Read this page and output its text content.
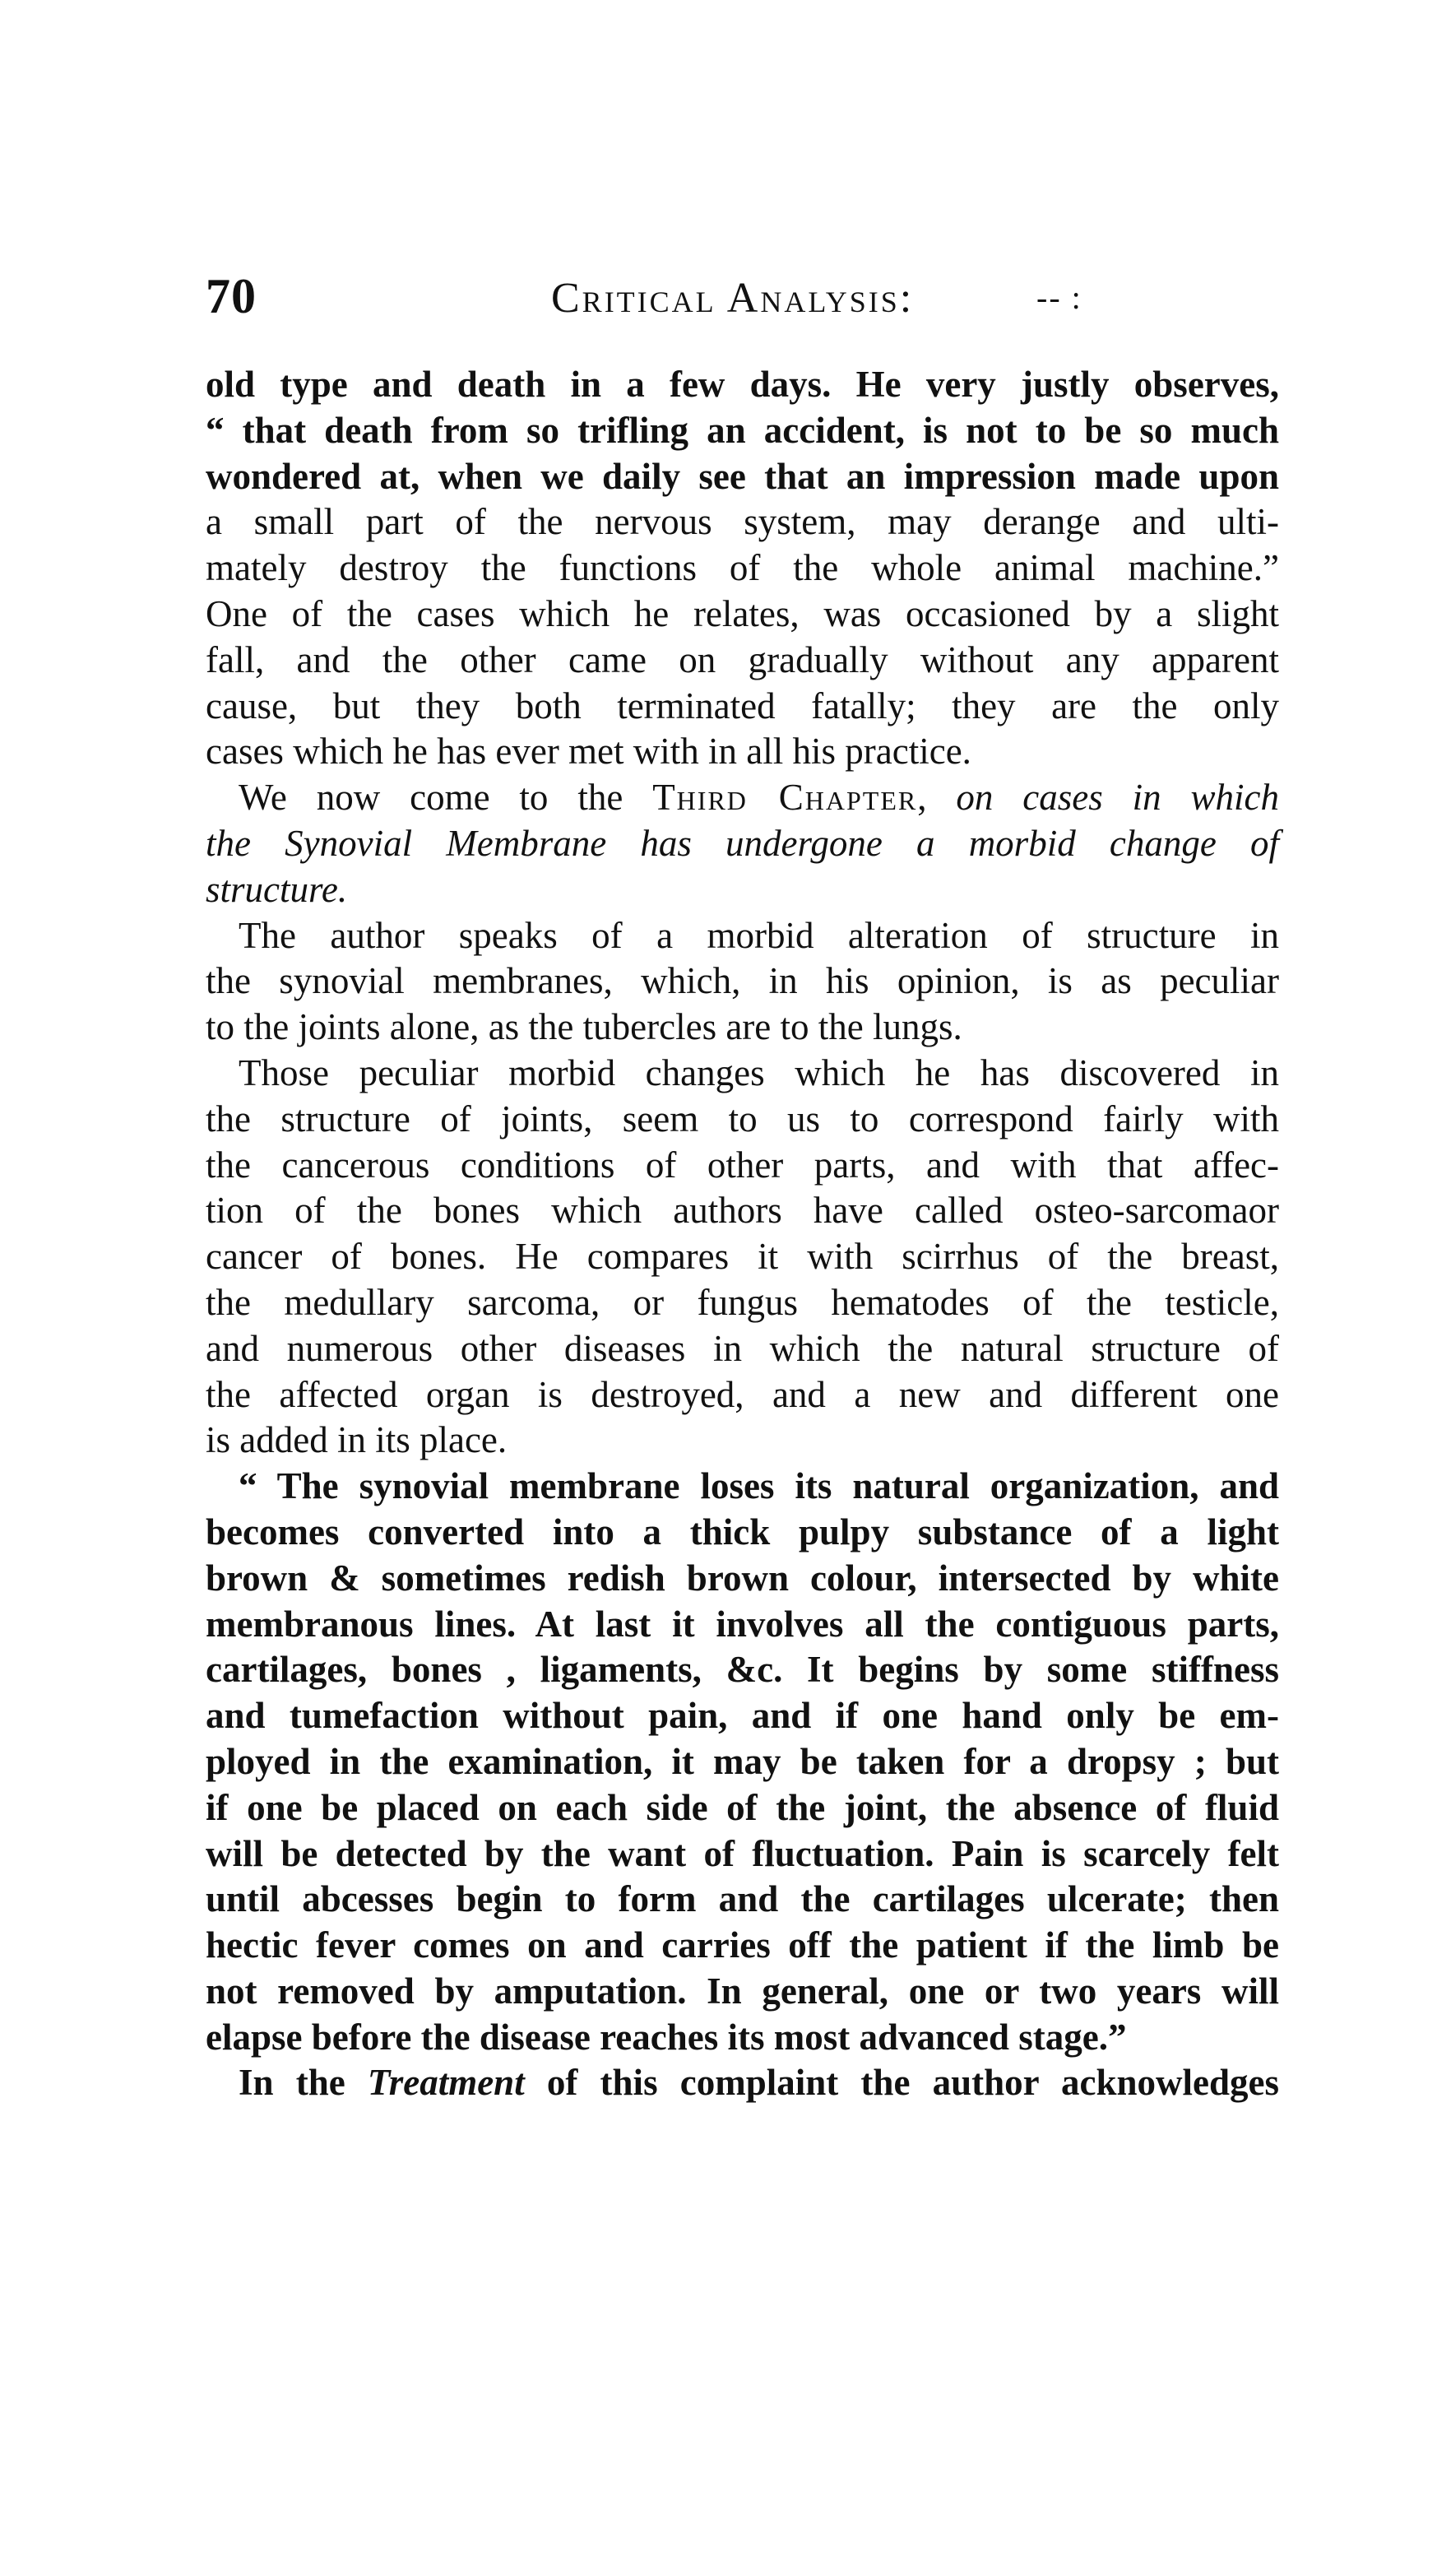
70	Critical Analysis:	-- :
old type and death in a few days. He very justly observes,
“ that death from so trifling an accident, is not to be so much
wondered at, when we daily see that an impression made upon
a small part of the nervous system, may derange and ulti-
mately destroy the functions of the whole animal machine.”
One of the cases which he relates, was occasioned by a slight
fall, and the other came on gradually without any apparent
cause, but they both terminated fatally; they are the only
cases which he has ever met with in all his practice.
We now come to the Third Chapter, on cases in which
the Synovial Membrane has undergone a morbid change of
structure.
The author speaks of a morbid alteration of structure in
the synovial membranes, which, in his opinion, is as peculiar
to the joints alone, as the tubercles are to the lungs.
Those peculiar morbid changes which he has discovered in
the structure of joints, seem to us to correspond fairly with
the cancerous conditions of other parts, and with that affec-
tion of the bones which authors have called osteo-sarcomaor
cancer of bones. He compares it with scirrhus of the breast,
the medullary sarcoma, or fungus hematodes of the testicle,
and numerous other diseases in which the natural structure of
the affected organ is destroyed, and a new and different one
is added in its place.
“ The synovial membrane loses its natural organization, and
becomes converted into a thick pulpy substance of a light
brown & sometimes redish brown colour, intersected by white
membranous lines. At last it involves all the contiguous parts,
cartilages, bones , ligaments, &c. It begins by some stiffness
and tumefaction without pain, and if one hand only be em-
ployed in the examination, it may be taken for a dropsy ; but
if one be placed on each side of the joint, the absence of fluid
will be detected by the want of fluctuation. Pain is scarcely felt
until abcesses begin to form and the cartilages ulcerate; then
hectic fever comes on and carries off the patient if the limb be
not removed by amputation. In general, one or two years will
elapse before the disease reaches its most advanced stage.”
In the Treatment of this complaint the author acknowledges
